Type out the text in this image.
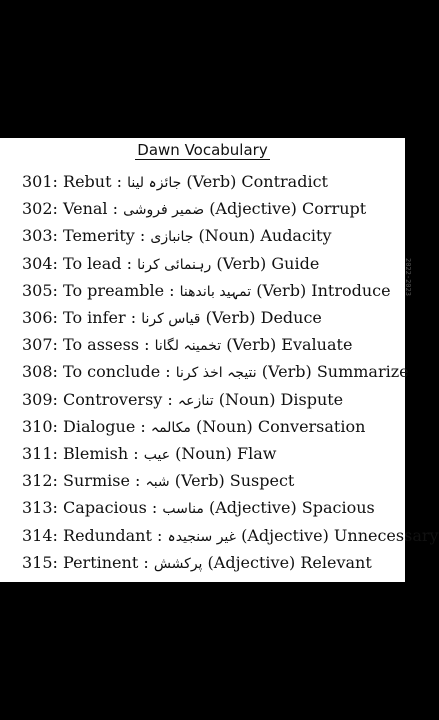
Dawn Vocabulary
301: Rebut : جائزہ لینا (Verb) Contradict
302: Venal : ضمیر فروشی (Adjective) Corrupt
303: Temerity : جانبازی (Noun) Audacity
304: To lead : رہنمائی کرنا (Verb) Guide
305: To preamble : تمہید باندھنا (Verb) Introduce
306: To infer : قیاس کرنا (Verb) Deduce
307: To assess : تخمینہ لگانا (Verb) Evaluate
308: To conclude : نتیجہ اخذ کرنا (Verb) Summarize
309: Controversy : تنازعہ (Noun) Dispute
310: Dialogue : مکالمہ (Noun) Conversation
311: Blemish : عیب (Noun) Flaw
312: Surmise : شبہ (Verb) Suspect
313: Capacious : مناسب (Adjective) Spacious
314: Redundant : غیر سنجیدہ (Adjective) Unnecessary
315: Pertinent : پرکشش (Adjective) Relevant
2022-2023
